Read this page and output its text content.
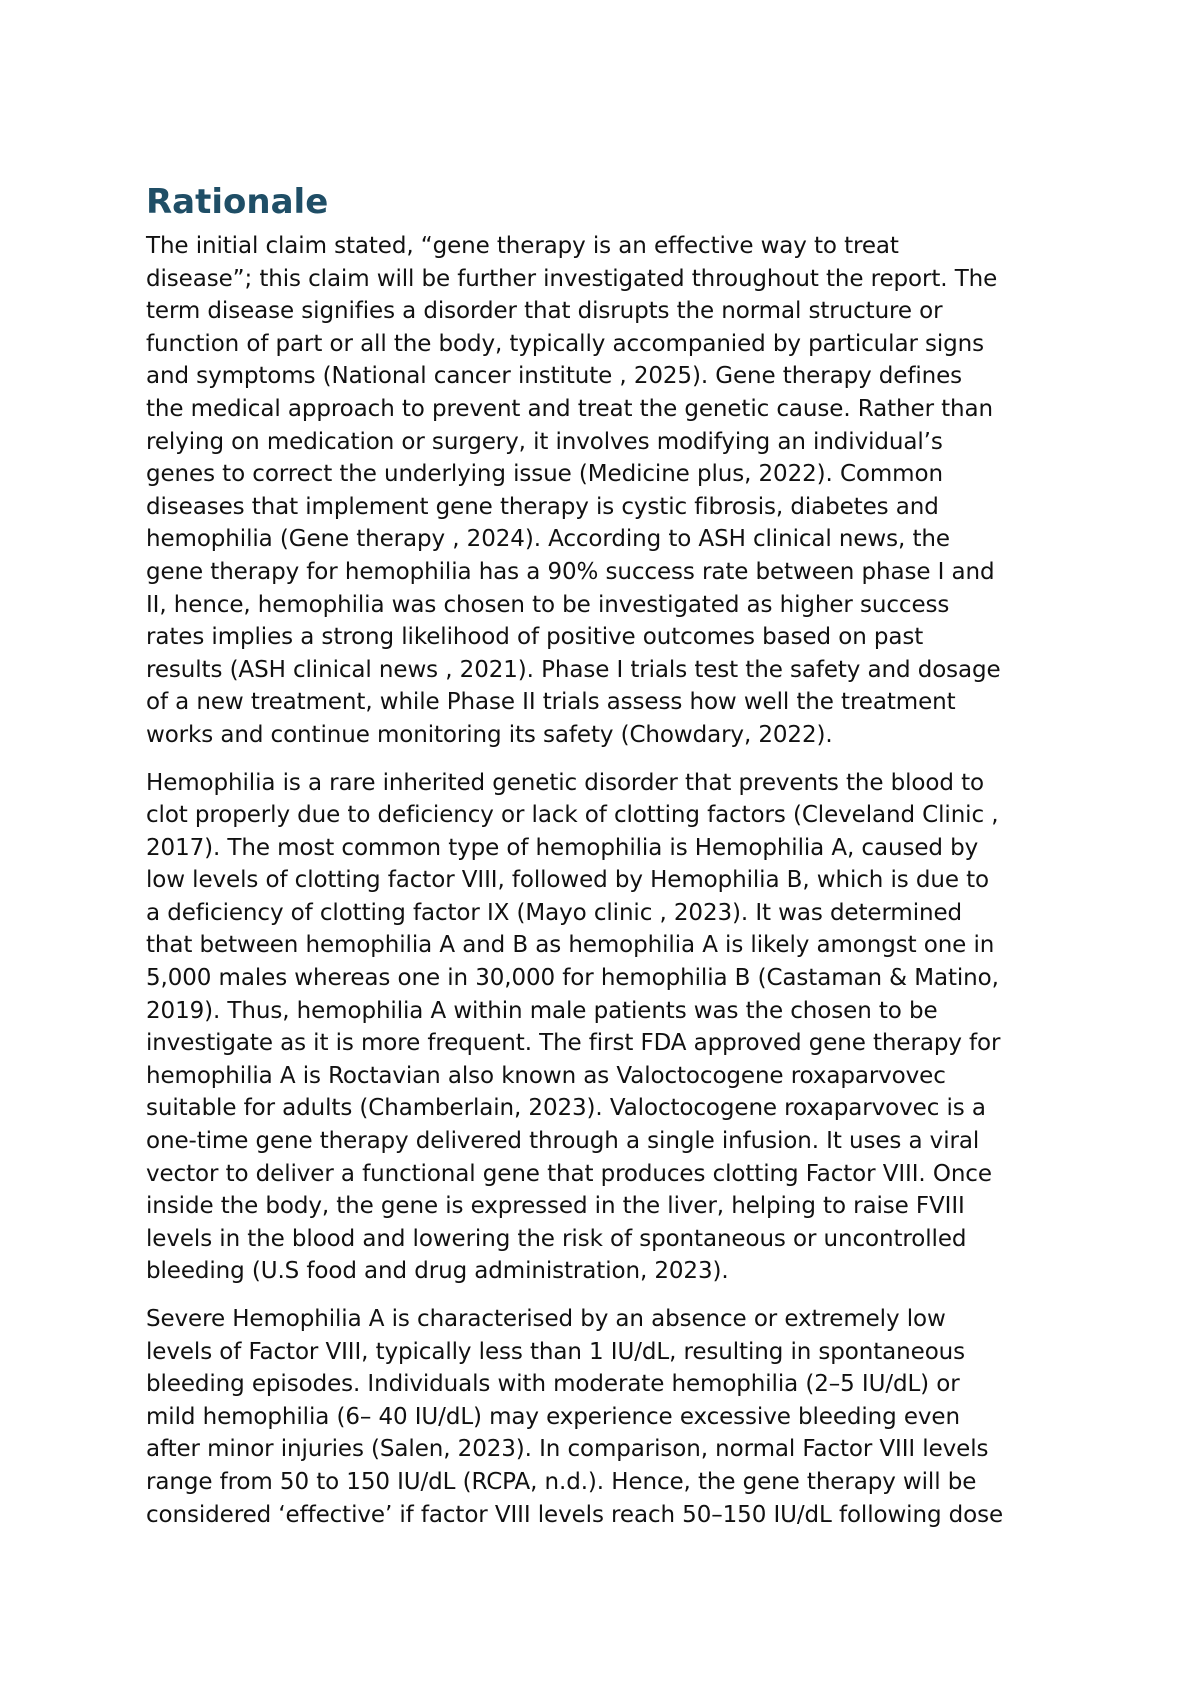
Rationale

The initial claim stated, “gene therapy is an effective way to treat
disease”; this claim will be further investigated throughout the report. The
term disease signifies a disorder that disrupts the normal structure or
function of part or all the body, typically accompanied by particular signs
and symptoms (National cancer institute , 2025). Gene therapy defines
the medical approach to prevent and treat the genetic cause. Rather than
relying on medication or surgery, it involves modifying an individual’s
genes to correct the underlying issue (Medicine plus, 2022). Common
diseases that implement gene therapy is cystic fibrosis, diabetes and
hemophilia (Gene therapy , 2024). According to ASH clinical news, the
gene therapy for hemophilia has a 90% success rate between phase I and
II, hence, hemophilia was chosen to be investigated as higher success
rates implies a strong likelihood of positive outcomes based on past
results (ASH clinical news , 2021). Phase I trials test the safety and dosage
of a new treatment, while Phase II trials assess how well the treatment
works and continue monitoring its safety (Chowdary, 2022).

Hemophilia is a rare inherited genetic disorder that prevents the blood to
clot properly due to deficiency or lack of clotting factors (Cleveland Clinic ,
2017). The most common type of hemophilia is Hemophilia A, caused by
low levels of clotting factor VIII, followed by Hemophilia B, which is due to
a deficiency of clotting factor IX (Mayo clinic , 2023). It was determined
that between hemophilia A and B as hemophilia A is likely amongst one in
5,000 males whereas one in 30,000 for hemophilia B (Castaman & Matino,
2019). Thus, hemophilia A within male patients was the chosen to be
investigate as it is more frequent. The first FDA approved gene therapy for
hemophilia A is Roctavian also known as Valoctocogene roxaparvovec
suitable for adults (Chamberlain, 2023). Valoctocogene roxaparvovec is a
one-time gene therapy delivered through a single infusion. It uses a viral
vector to deliver a functional gene that produces clotting Factor VIII. Once
inside the body, the gene is expressed in the liver, helping to raise FVIII
levels in the blood and lowering the risk of spontaneous or uncontrolled
bleeding (U.S food and drug administration, 2023).

Severe Hemophilia A is characterised by an absence or extremely low
levels of Factor VIII, typically less than 1 IU/dL, resulting in spontaneous
bleeding episodes. Individuals with moderate hemophilia (2–5 IU/dL) or
mild hemophilia (6– 40 IU/dL) may experience excessive bleeding even
after minor injuries (Salen, 2023). In comparison, normal Factor VIII levels
range from 50 to 150 IU/dL (RCPA, n.d.). Hence, the gene therapy will be
considered ‘effective’ if factor VIII levels reach 50–150 IU/dL following dose
